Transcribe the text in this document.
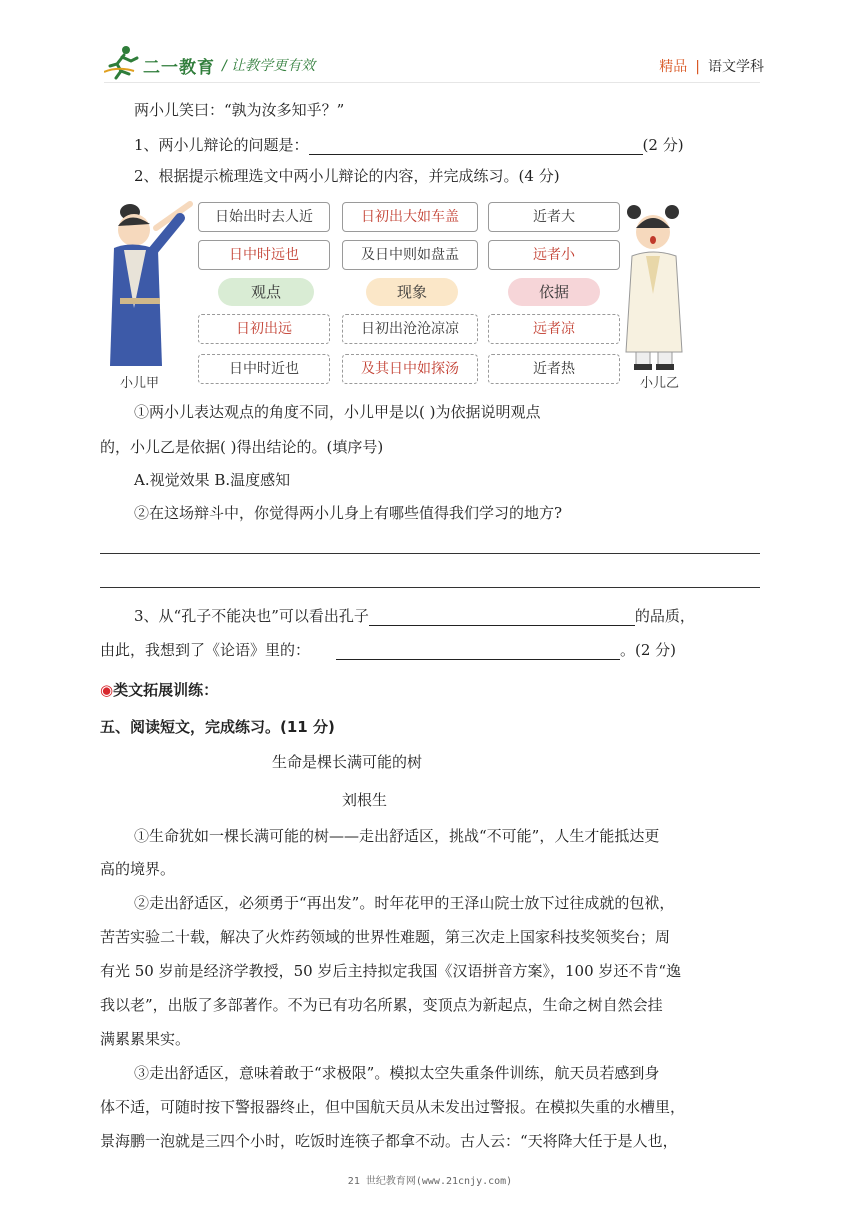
二一教育 / 让教学更有效	精品 | 语文学科
两小儿笑曰：“孰为汝多知乎？”
1、两小儿辩论的问题是：	(2 分)
2、根据提示梳理选文中两小儿辩论的内容，并完成练习。(4 分)
小儿甲	小儿乙
日始出时去人近	日初出大如车盖	近者大
日中时远也	及日中则如盘盂	远者小
观点	现象	依据
日初出远	日初出沧沧凉凉	远者凉
日中时近也	及其日中如探汤	近者热
①两小儿表达观点的角度不同，小儿甲是以( )为依据说明观点
的，小儿乙是依据( )得出结论的。(填序号)
A.视觉效果 B.温度感知
②在这场辩斗中，你觉得两小儿身上有哪些值得我们学习的地方?
3、从“孔子不能决也”可以看出孔子	的品质，
由此，我想到了《论语》里的：	。(2 分)
◉类文拓展训练：
五、阅读短文，完成练习。(11 分)
生命是棵长满可能的树
刘根生
①生命犹如一棵长满可能的树——走出舒适区，挑战“不可能”，人生才能抵达更
高的境界。
②走出舒适区，必须勇于“再出发”。时年花甲的王泽山院士放下过往成就的包袱，
苦苦实验二十载，解决了火炸药领域的世界性难题，第三次走上国家科技奖领奖台；周
有光 50 岁前是经济学教授，50 岁后主持拟定我国《汉语拼音方案》，100 岁还不肯“逸
我以老”，出版了多部著作。不为已有功名所累，变顶点为新起点，生命之树自然会挂
满累累果实。
③走出舒适区，意味着敢于“求极限”。模拟太空失重条件训练，航天员若感到身
体不适，可随时按下警报器终止，但中国航天员从未发出过警报。在模拟失重的水槽里，
景海鹏一泡就是三四个小时，吃饭时连筷子都拿不动。古人云：“天将降大任于是人也，
21 世纪教育网(www.21cnjy.com)
